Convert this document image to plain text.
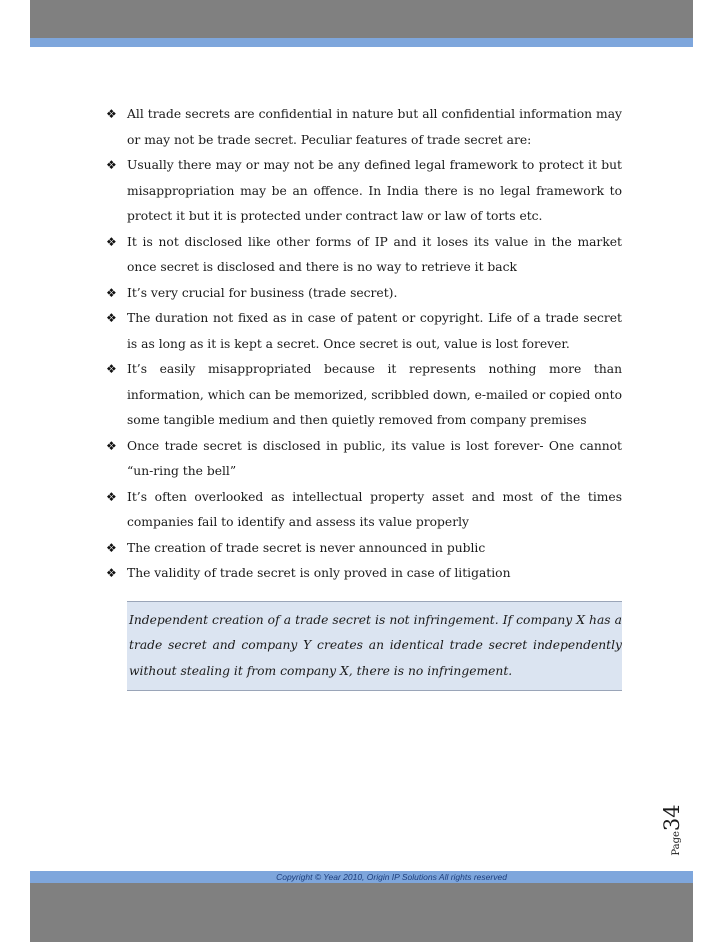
❖ All trade secrets are confidential in nature but all confidential information may or may not be trade secret. Peculiar features of trade secret are:
❖ Usually there may or may not be any defined legal framework to protect it but misappropriation may be an offence. In India there is no legal framework to protect it but it is protected under contract law or law of torts etc.
❖ It is not disclosed like other forms of IP and it loses its value in the market once secret is disclosed and there is no way to retrieve it back
❖ It’s very crucial for business (trade secret).
❖ The duration not fixed as in case of patent or copyright. Life of a trade secret is as long as it is kept a secret. Once secret is out, value is lost forever.
❖ It’s easily misappropriated because it represents nothing more than information, which can be memorized, scribbled down, e-mailed or copied onto some tangible medium and then quietly removed from company premises
❖ Once trade secret is disclosed in public, its value is lost forever- One cannot “un-ring the bell”
❖ It’s often overlooked as intellectual property asset and most of the times companies fail to identify and assess its value properly
❖ The creation of trade secret is never announced in public
❖ The validity of trade secret is only proved in case of litigation
Independent creation of a trade secret is not infringement. If company X has a trade secret and company Y creates an identical trade secret independently without stealing it from company X, there is no infringement.
Page34
Copyright © Year 2010, Origin IP Solutions All rights reserved
